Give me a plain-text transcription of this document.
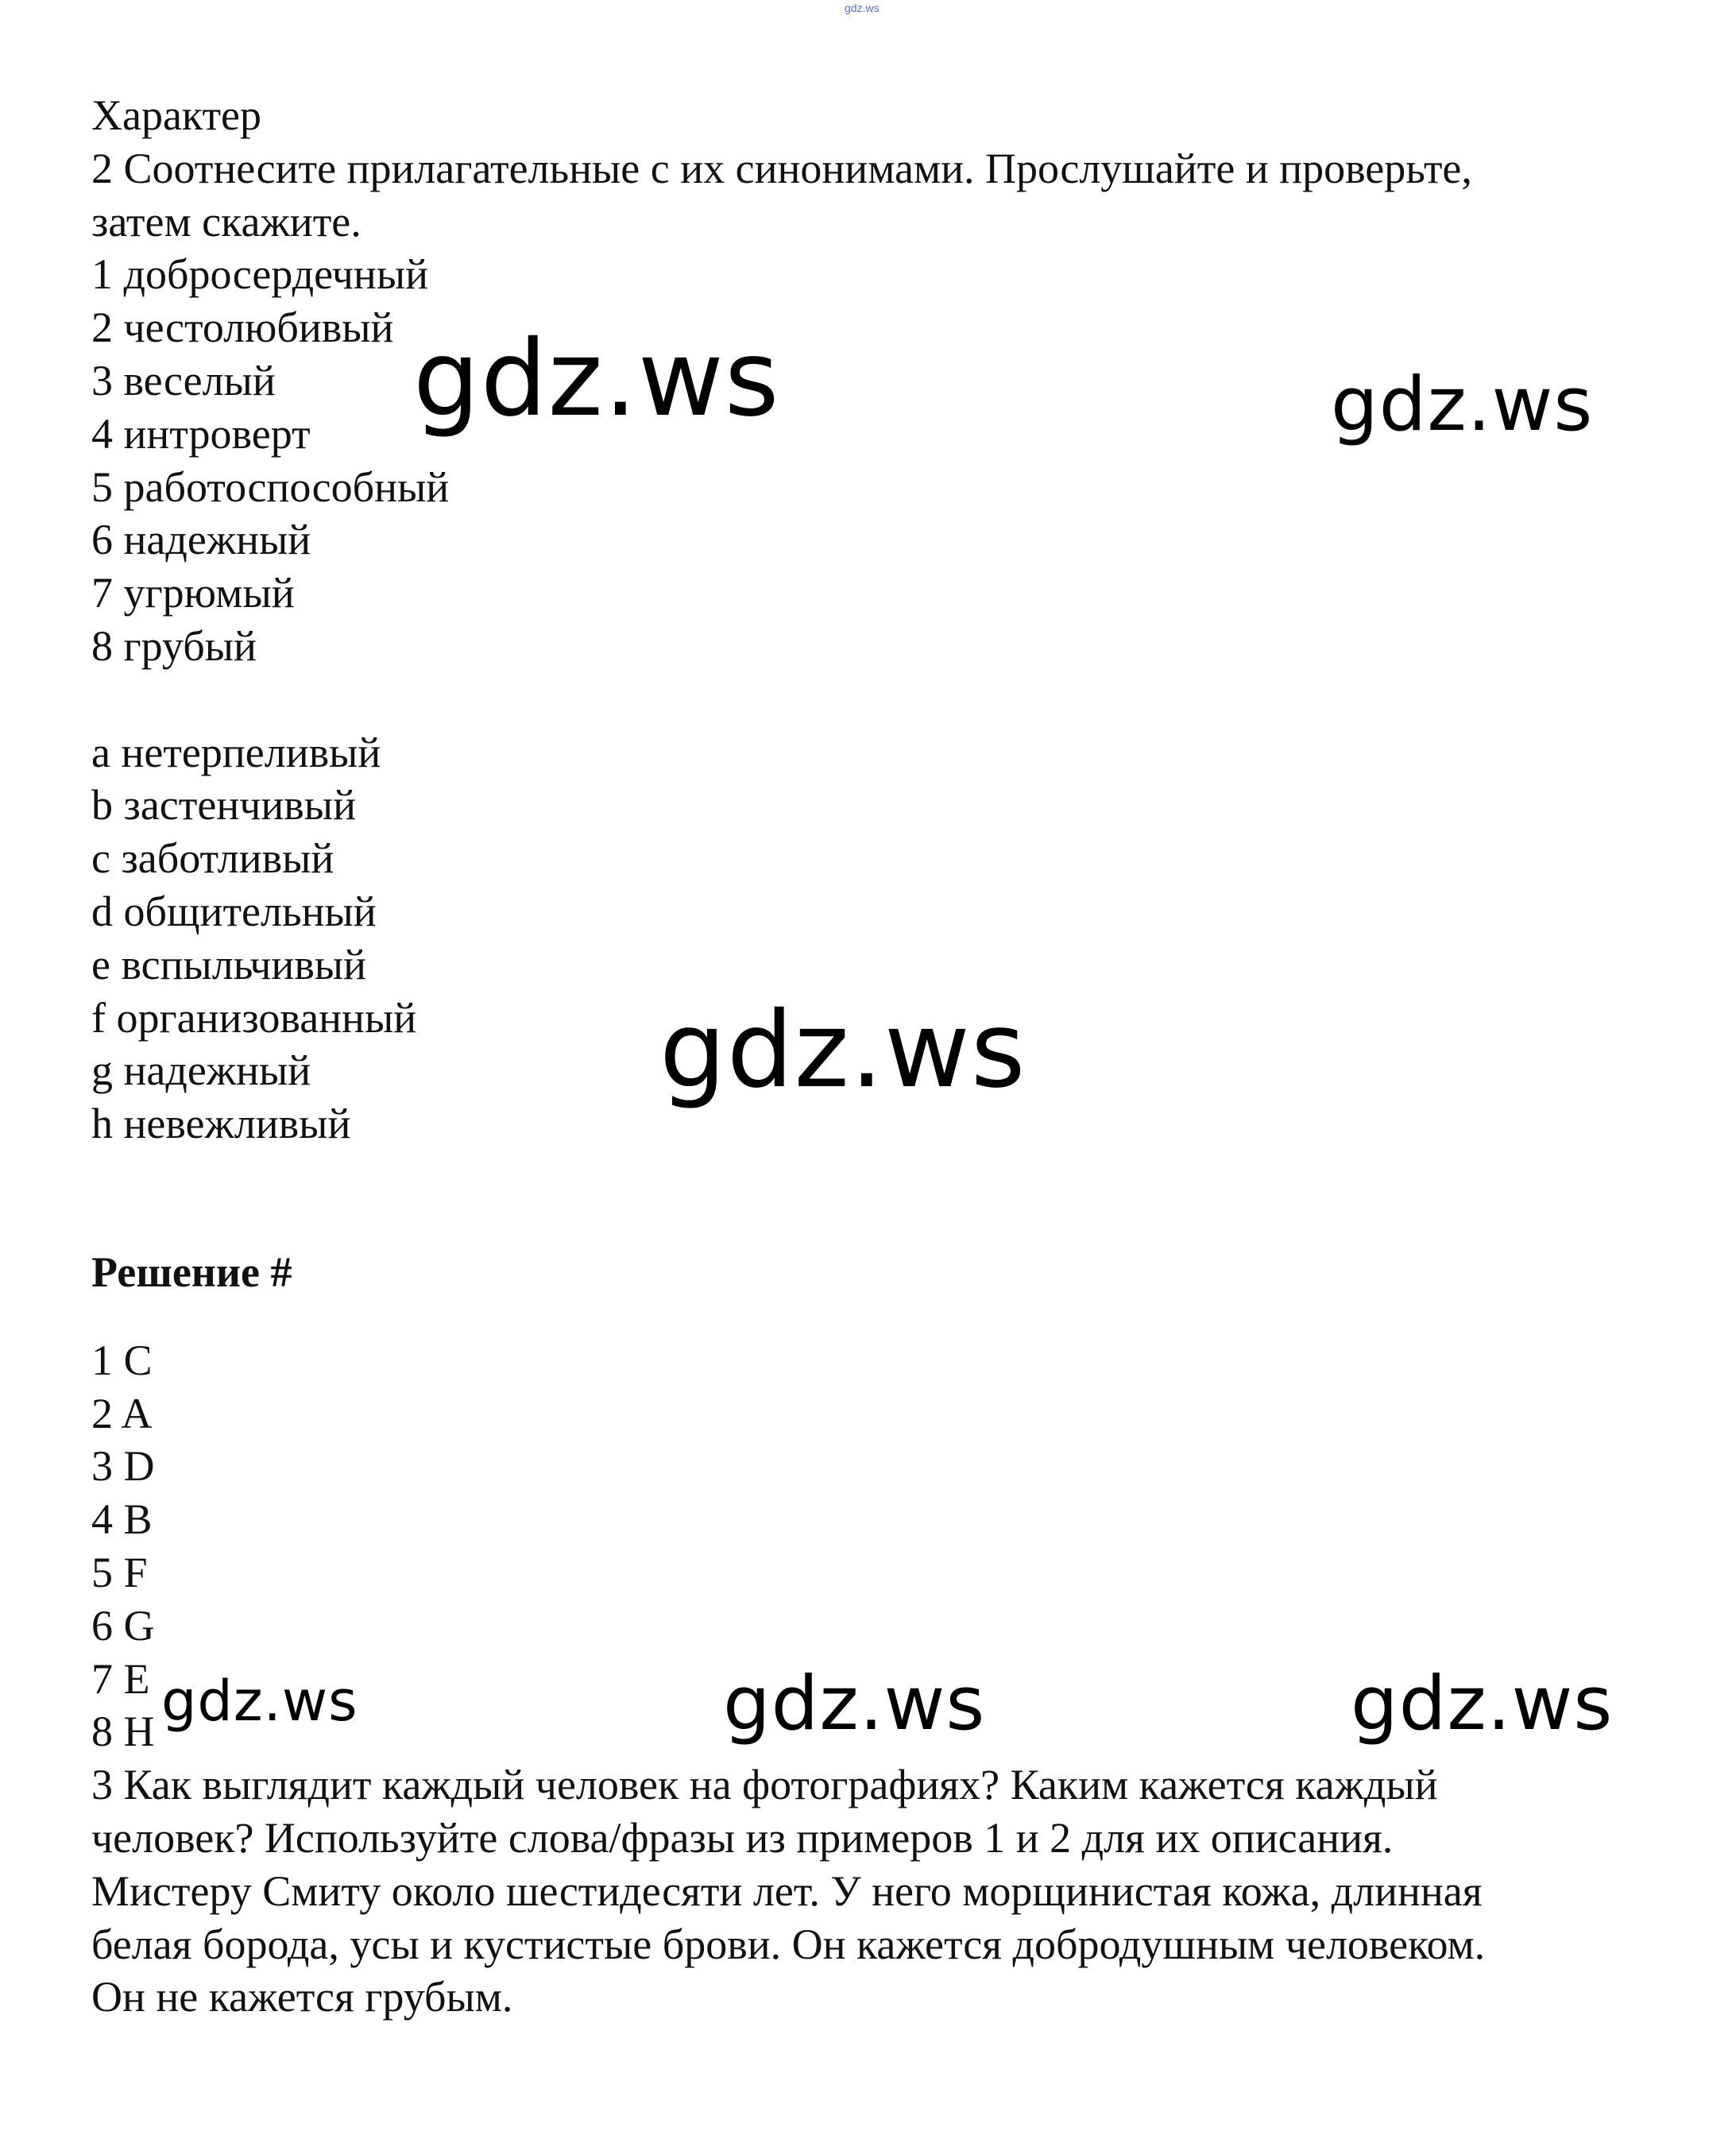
gdz.ws

Характер

2 Соотнесите прилагательные с их синонимами. Прослушайте и проверьте,

затем скажите.

1 добросердечный

2 честолюбивый

3 веселый

4 интроверт

5 работоспособный

6 надежный

7 угрюмый

8 грубый

a нетерпеливый

b застенчивый

c заботливый

d общительный

e вспыльчивый

f организованный

g надежный

h невежливый

Решение #

1 C

2 A

3 D

4 B

5 F

6 G

7 E

8 H

3 Как выглядит каждый человек на фотографиях? Каким кажется каждый

человек? Используйте слова/фразы из примеров 1 и 2 для их описания.

Мистеру Смиту около шестидесяти лет. У него морщинистая кожа, длинная

белая борода, усы и кустистые брови. Он кажется добродушным человеком.

Он не кажется грубым.

gdz.ws	gdz.ws
gdz.ws
gdz.ws	gdz.ws	gdz.ws
